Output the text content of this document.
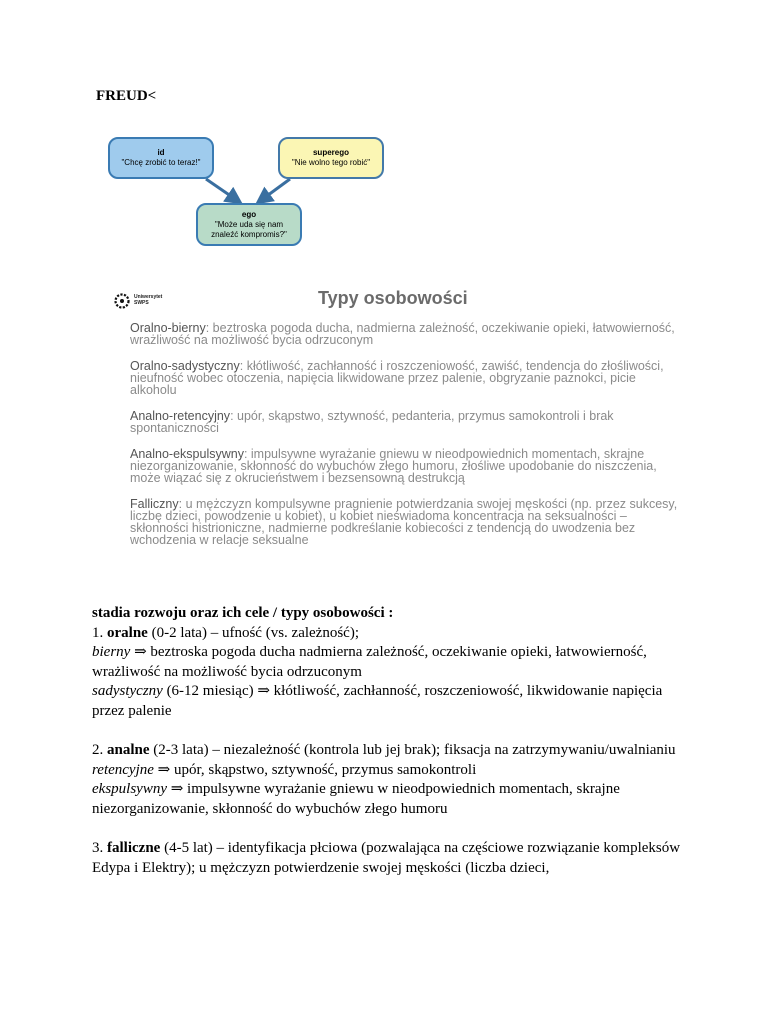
FREUD<
id
"Chcę zrobić to teraz!"
superego
"Nie wolno tego robić"
ego
"Może uda się nam
znaleźć kompromis?"
Uniwersytet
SWPS	Typy osobowości

Oralno-bierny: beztroska pogoda ducha, nadmierna zależność, oczekiwanie opieki, łatwowierność, wrażliwość na możliwość bycia odrzuconym

Oralno-sadystyczny: kłótliwość, zachłanność i roszczeniowość, zawiść, tendencja do złośliwości, nieufność wobec otoczenia, napięcia likwidowane przez palenie, obgryzanie paznokci, picie alkoholu

Analno-retencyjny: upór, skąpstwo, sztywność, pedanteria, przymus samokontroli i brak spontaniczności

Analno-ekspulsywny: impulsywne wyrażanie gniewu w nieodpowiednich momentach, skrajne niezorganizowanie, skłonność do wybuchów złego humoru, złośliwe upodobanie do niszczenia, może wiązać się z okrucieństwem i bezsensowną destrukcją

Falliczny: u mężczyzn kompulsywne pragnienie potwierdzania swojej męskości (np. przez sukcesy, liczbę dzieci, powodzenie u kobiet), u kobiet nieświadoma koncentracja na seksualności – skłonności histrioniczne, nadmierne podkreślanie kobiecości z tendencją do uwodzenia bez wchodzenia w relacje seksualne

stadia rozwoju oraz ich cele / typy osobowości :

1. oralne (0-2 lata) – ufność (vs. zależność);

bierny ⇒ beztroska pogoda ducha nadmierna zależność, oczekiwanie opieki, łatwowierność, wrażliwość na możliwość bycia odrzuconym

sadystyczny (6-12 miesiąc) ⇒ kłótliwość, zachłanność, roszczeniowość, likwidowanie napięcia przez palenie

2. analne (2-3 lata) – niezależność (kontrola lub jej brak); fiksacja na zatrzymywaniu/uwalnianiu

retencyjne ⇒ upór, skąpstwo, sztywność, przymus samokontroli

ekspulsywny ⇒ impulsywne wyrażanie gniewu w nieodpowiednich momentach, skrajne niezorganizowanie, skłonność do wybuchów złego humoru

3. falliczne (4-5 lat) – identyfikacja płciowa (pozwalająca na częściowe rozwiązanie kompleksów Edypa i Elektry); u mężczyzn potwierdzenie swojej męskości (liczba dzieci,
